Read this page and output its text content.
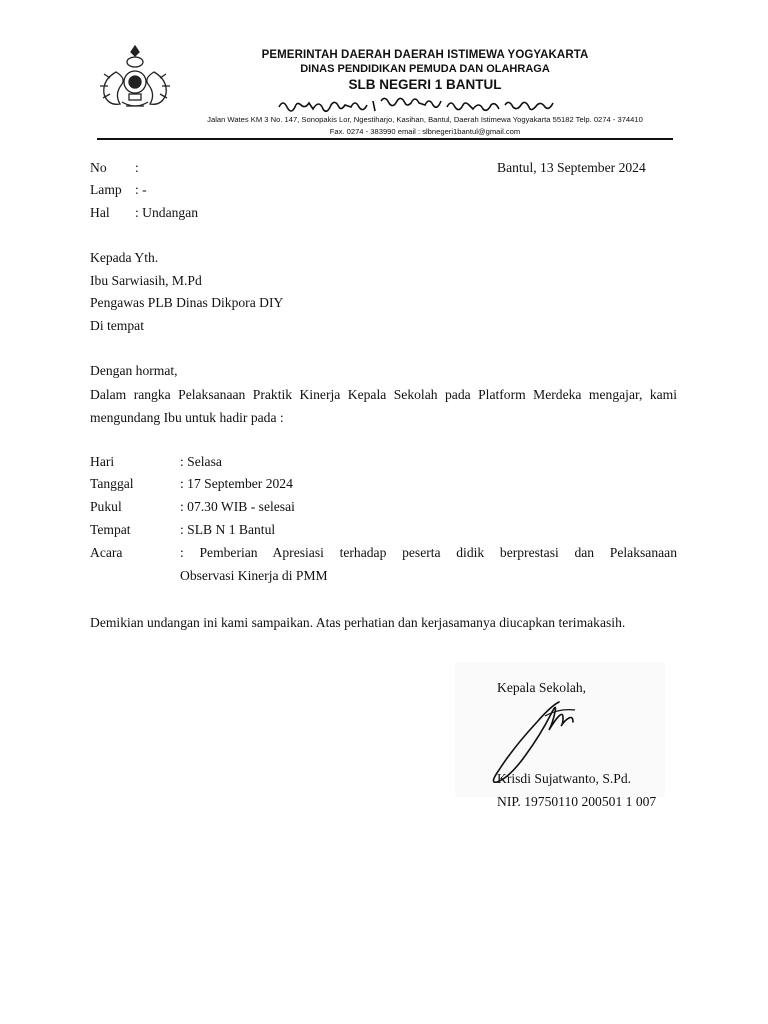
PEMERINTAH DAERAH DAERAH ISTIMEWA YOGYAKARTA
DINAS PENDIDIKAN PEMUDA DAN OLAHRAGA
SLB NEGERI 1 BANTUL
Jalan Wates KM 3 No. 147, Sonopakis Lor, Ngestiharjo, Kasihan, Bantul, Daerah Istimewa Yogyakarta 55182 Telp. 0274 - 374410
Fax. 0274 - 383990 email : slbnegeri1bantul@gmail.com
No :	Bantul, 13 September 2024
Lamp : -
Hal : Undangan
Kepada Yth.
Ibu Sarwiasih, M.Pd
Pengawas PLB Dinas Dikpora DIY
Di tempat
Dengan hormat,
Dalam rangka Pelaksanaan Praktik Kinerja Kepala Sekolah pada Platform Merdeka mengajar, kami mengundang Ibu untuk hadir pada :
Hari	: Selasa
Tanggal	: 17 September 2024
Pukul	: 07.30 WIB - selesai
Tempat	: SLB N 1 Bantul
Acara	: Pemberian Apresiasi terhadap peserta didik berprestasi dan Pelaksanaan
Observasi Kinerja di PMM
Demikian undangan ini kami sampaikan. Atas perhatian dan kerjasamanya diucapkan terimakasih.
Kepala Sekolah,
Krisdi Sujatwanto, S.Pd.
NIP. 19750110 200501 1 007
